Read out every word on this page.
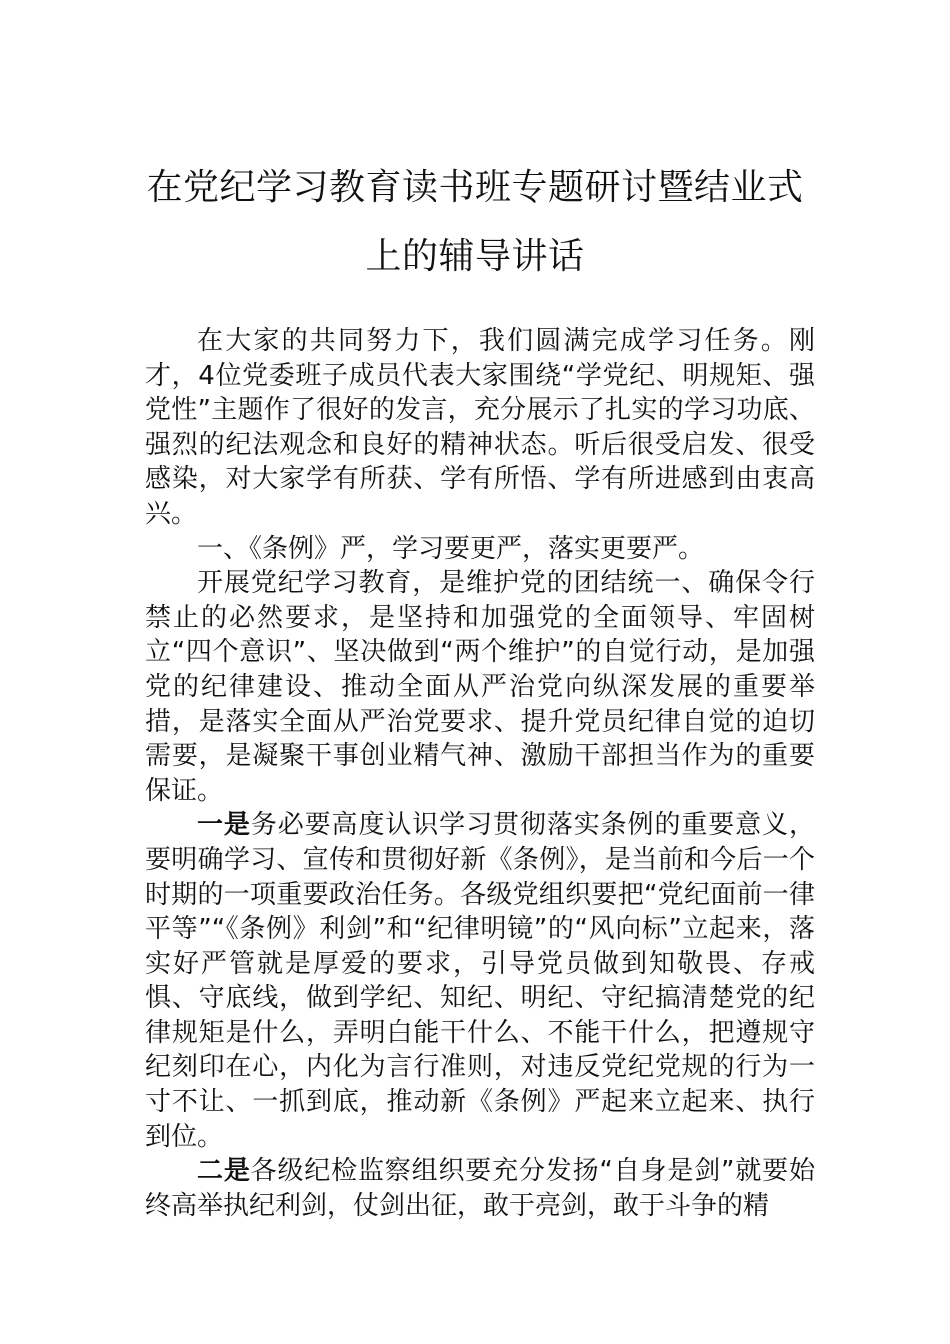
在党纪学习教育读书班专题研讨暨结业式
上的辅导讲话

在大家的共同努力下，我们圆满完成学习任务。刚才，4位党委班子成员代表大家围绕“学党纪、明规矩、强党性”主题作了很好的发言，充分展示了扎实的学习功底、强烈的纪法观念和良好的精神状态。听后很受启发、很受感染，对大家学有所获、学有所悟、学有所进感到由衷高兴。

一、《条例》严，学习要更严，落实更要严。

开展党纪学习教育，是维护党的团结统一、确保令行禁止的必然要求，是坚持和加强党的全面领导、牢固树立“四个意识”、坚决做到“两个维护”的自觉行动，是加强党的纪律建设、推动全面从严治党向纵深发展的重要举措，是落实全面从严治党要求、提升党员纪律自觉的迫切需要，是凝聚干事创业精气神、激励干部担当作为的重要保证。

一是务必要高度认识学习贯彻落实条例的重要意义，要明确学习、宣传和贯彻好新《条例》，是当前和今后一个时期的一项重要政治任务。各级党组织要把“党纪面前一律平等”“《条例》利剑”和“纪律明镜”的“风向标”立起来，落实好严管就是厚爱的要求，引导党员做到知敬畏、存戒惧、守底线，做到学纪、知纪、明纪、守纪搞清楚党的纪律规矩是什么，弄明白能干什么、不能干什么，把遵规守纪刻印在心，内化为言行准则，对违反党纪党规的行为一寸不让、一抓到底，推动新《条例》严起来立起来、执行到位。

二是各级纪检监察组织要充分发扬“自身是剑”就要始终高举执纪利剑，仗剑出征，敢于亮剑，敢于斗争的精
